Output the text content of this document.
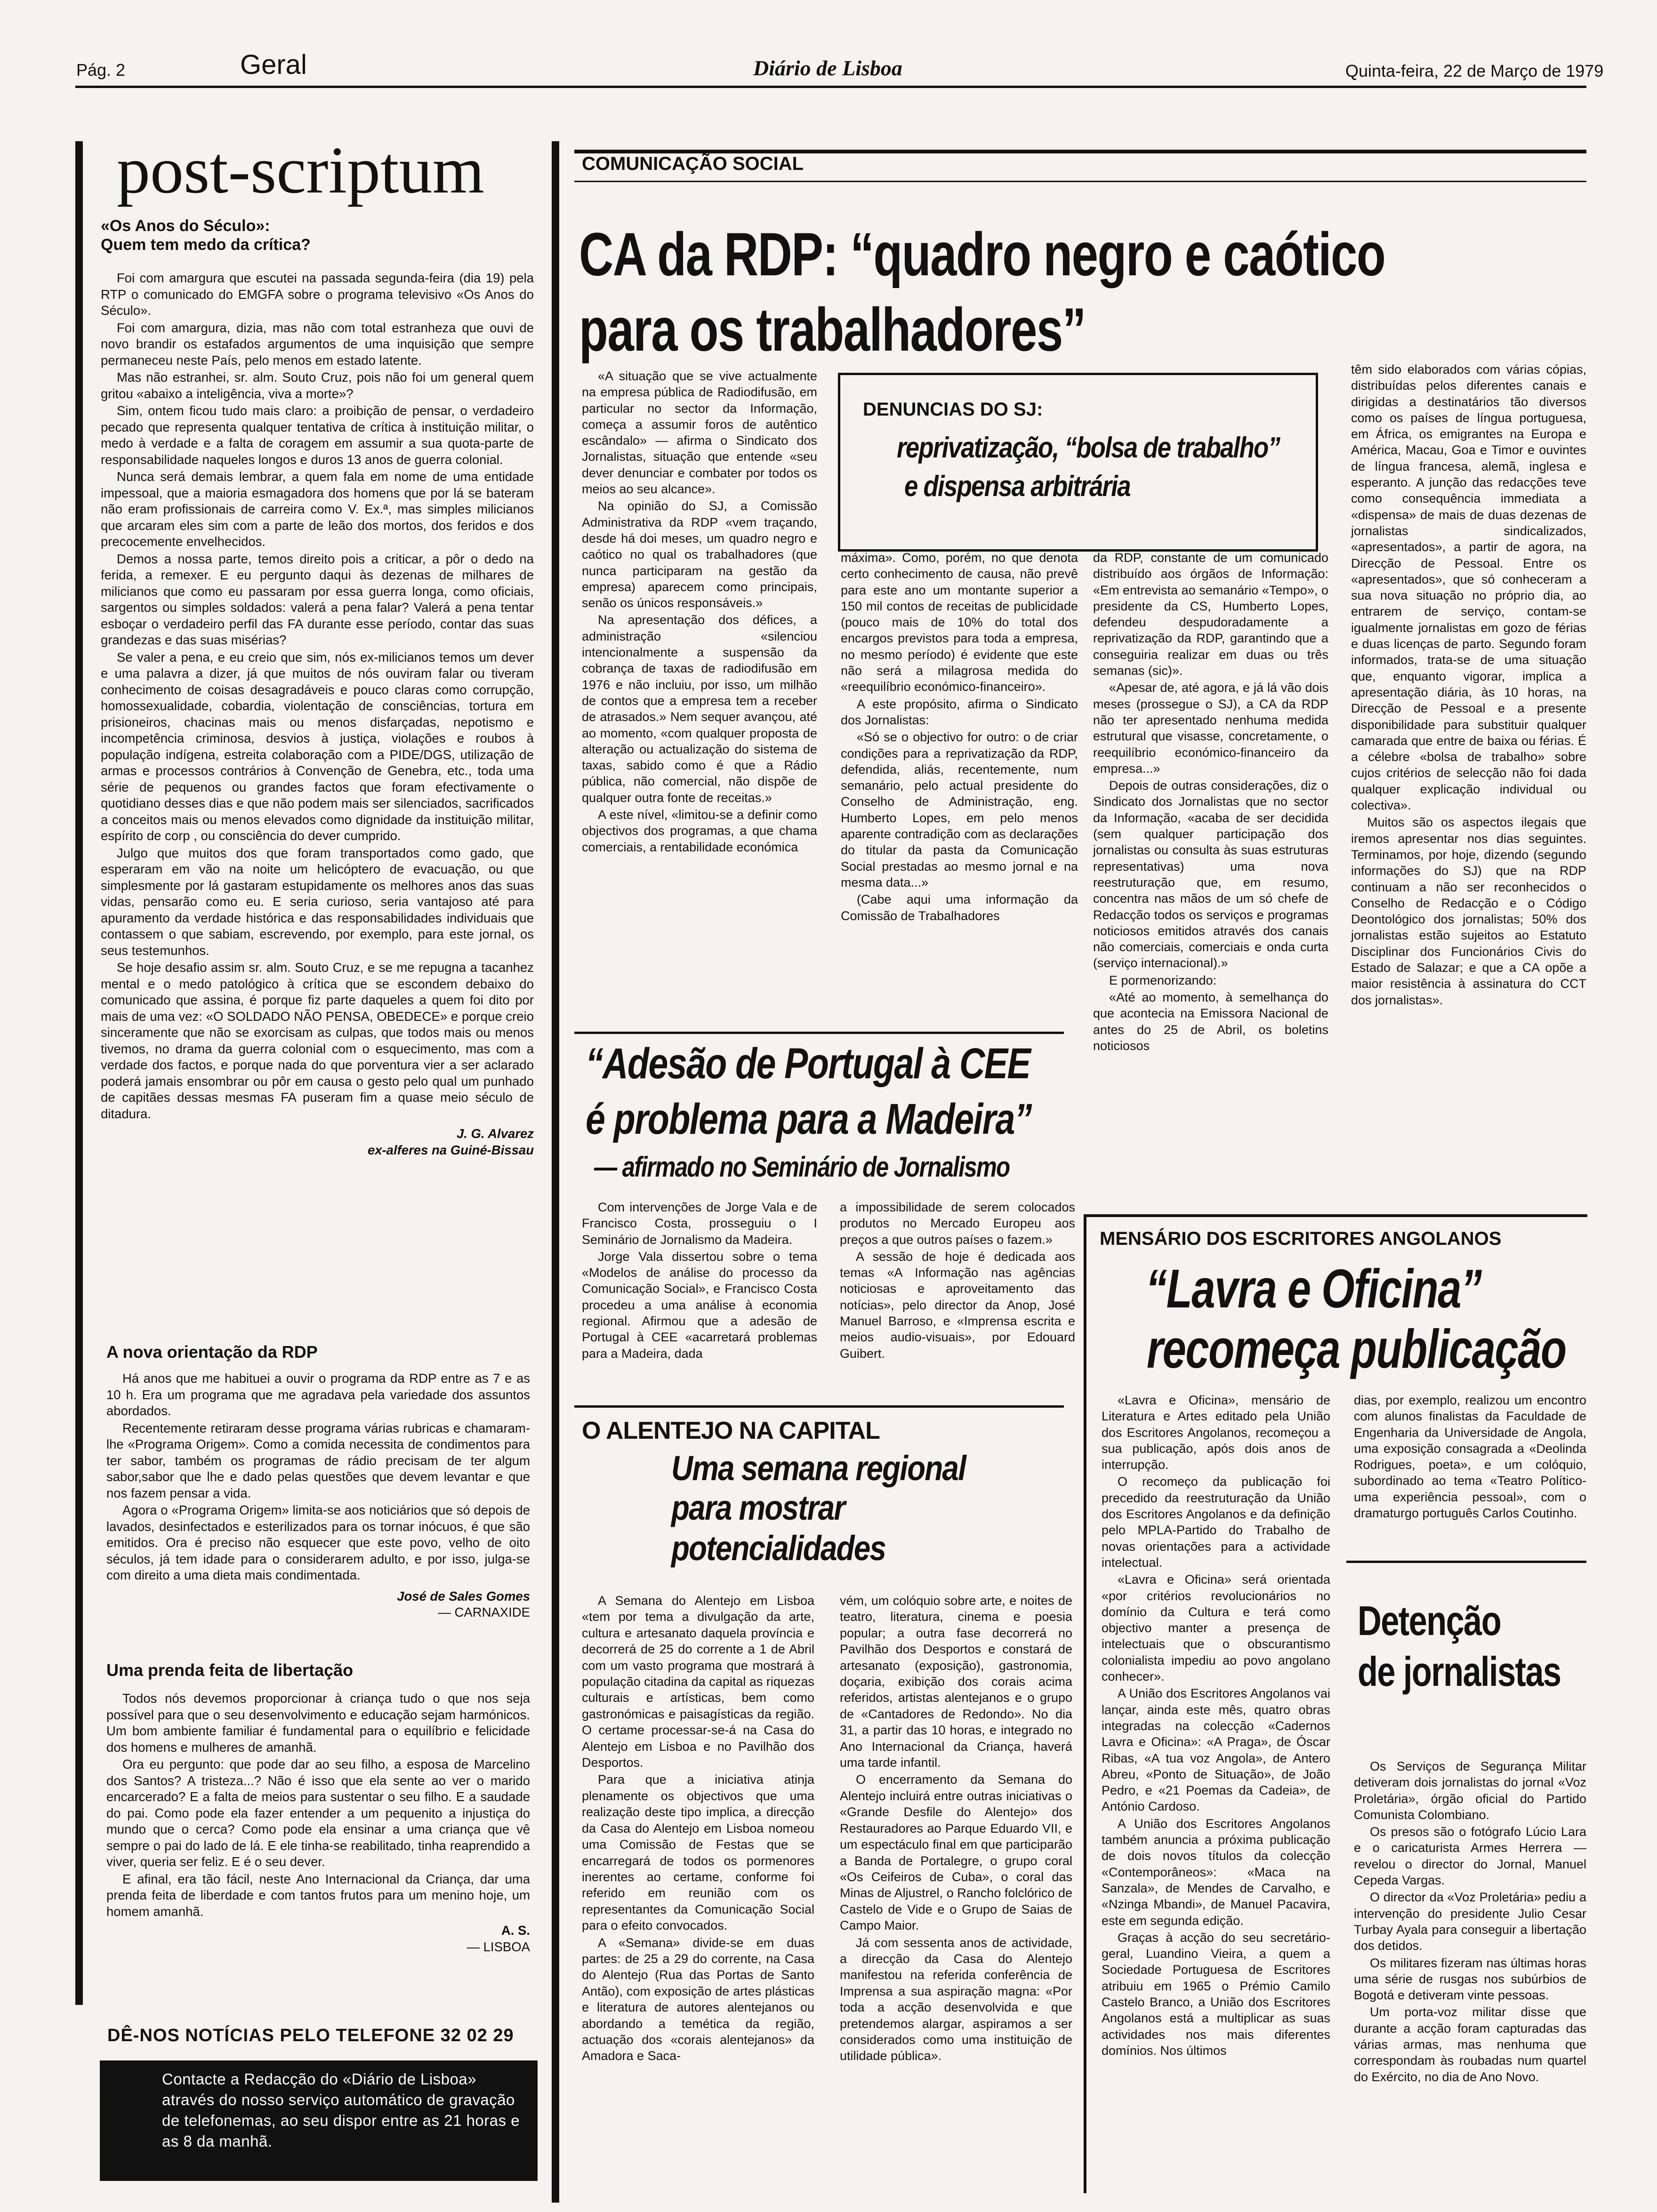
Pág. 2	Geral	Diário de Lisboa	Quinta-feira, 22 de Março de 1979
post-scriptum
«Os Anos do Século»:
Quem tem medo da crítica?

Foi com amargura que escutei na passada segunda-feira (dia 19) pela RTP o comunicado do EMGFA sobre o programa televisivo «Os Anos do Século».

Foi com amargura, dizia, mas não com total estranheza que ouvi de novo brandir os estafados argumentos de uma inquisição que sempre permaneceu neste País, pelo menos em estado latente.

Mas não estranhei, sr. alm. Souto Cruz, pois não foi um general quem gritou «abaixo a inteligência, viva a morte»?

Sim, ontem ficou tudo mais claro: a proibição de pensar, o verdadeiro pecado que representa qualquer tentativa de crítica à instituição militar, o medo à verdade e a falta de coragem em assumir a sua quota-parte de responsabilidade naqueles longos e duros 13 anos de guerra colonial.

Nunca será demais lembrar, a quem fala em nome de uma entidade impessoal, que a maioria esmagadora dos homens que por lá se bateram não eram profissionais de carreira como V. Ex.ª, mas simples milicianos que arcaram eles sim com a parte de leão dos mortos, dos feridos e dos precocemente envelhecidos.

Demos a nossa parte, temos direito pois a criticar, a pôr o dedo na ferida, a remexer. E eu pergunto daqui às dezenas de milhares de milicianos que como eu passaram por essa guerra longa, como oficiais, sargentos ou simples soldados: valerá a pena falar? Valerá a pena tentar esboçar o verdadeiro perfil das FA durante esse período, contar das suas grandezas e das suas misérias?

Se valer a pena, e eu creio que sim, nós ex-milicianos temos um dever e uma palavra a dizer, já que muitos de nós ouviram falar ou tiveram conhecimento de coisas desagradáveis e pouco claras como corrupção, homossexualidade, cobardia, violentação de consciências, tortura em prisioneiros, chacinas mais ou menos disfarçadas, nepotismo e incompetência criminosa, desvios à justiça, violações e roubos à população indígena, estreita colaboração com a PIDE/DGS, utilização de armas e processos contrários à Convenção de Genebra, etc., toda uma série de pequenos ou grandes factos que foram efectivamente o quotidiano desses dias e que não podem mais ser silenciados, sacrificados a conceitos mais ou menos elevados como dignidade da instituição militar, espírito de corp , ou consciência do dever cumprido.

Julgo que muitos dos que foram transportados como gado, que esperaram em vão na noite um helicóptero de evacuação, ou que simplesmente por lá gastaram estupidamente os melhores anos das suas vidas, pensarão como eu. E seria curioso, seria vantajoso até para apuramento da verdade histórica e das responsabilidades individuais que contassem o que sabiam, escrevendo, por exemplo, para este jornal, os seus testemunhos.

Se hoje desafio assim sr. alm. Souto Cruz, e se me repugna a tacanhez mental e o medo patológico à crítica que se escondem debaixo do comunicado que assina, é porque fiz parte daqueles a quem foi dito por mais de uma vez: «O SOLDADO NÃO PENSA, OBEDECE» e porque creio sinceramente que não se exorcisam as culpas, que todos mais ou menos tivemos, no drama da guerra colonial com o esquecimento, mas com a verdade dos factos, e porque nada do que porventura vier a ser aclarado poderá jamais ensombrar ou pôr em causa o gesto pelo qual um punhado de capitães dessas mesmas FA puseram fim a quase meio século de ditadura.

J. G. Alvarez
ex-alferes na Guiné-Bissau
A nova orientação da RDP

Há anos que me habituei a ouvir o programa da RDP entre as 7 e as 10 h. Era um programa que me agradava pela variedade dos assuntos abordados.

Recentemente retiraram desse programa várias rubricas e chamaram-lhe «Programa Origem». Como a comida necessita de condimentos para ter sabor, também os programas de rádio precisam de ter algum sabor,sabor que lhe e dado pelas questões que devem levantar e que nos fazem pensar a vida.

Agora o «Programa Origem» limita-se aos noticiários que só depois de lavados, desinfectados e esterilizados para os tornar inócuos, é que são emitidos. Ora é preciso não esquecer que este povo, velho de oito séculos, já tem idade para o considerarem adulto, e por isso, julga-se com direito a uma dieta mais condimentada.

José de Sales Gomes
— CARNAXIDE
Uma prenda feita de libertação

Todos nós devemos proporcionar à criança tudo o que nos seja possível para que o seu desenvolvimento e educação sejam harmónicos. Um bom ambiente familiar é fundamental para o equilíbrio e felicidade dos homens e mulheres de amanhã.

Ora eu pergunto: que pode dar ao seu filho, a esposa de Marcelino dos Santos? A tristeza...? Não é isso que ela sente ao ver o marido encarcerado? E a falta de meios para sustentar o seu filho. E a saudade do pai. Como pode ela fazer entender a um pequenito a injustiça do mundo que o cerca? Como pode ela ensinar a uma criança que vê sempre o pai do lado de lá. E ele tinha-se reabilitado, tinha reaprendido a viver, queria ser feliz. E é o seu dever.

E afinal, era tão fácil, neste Ano Internacional da Criança, dar uma prenda feita de liberdade e com tantos frutos para um menino hoje, um homem amanhã.

A. S.
— LISBOA
DÊ-NOS NOTÍCIAS PELO TELEFONE 32 02 29
Contacte a Redacção do «Diário de Lisboa» através do nosso serviço automático de gravação de telefonemas, ao seu dispor entre as 21 horas e as 8 da manhã.
COMUNICAÇÃO SOCIAL
CA da RDP: “quadro negro e caótico
para os trabalhadores”
DENUNCIAS DO SJ:
reprivatização, “bolsa de trabalho”
e dispensa arbitrária

«A situação que se vive actualmente na empresa pública de Radiodifusão, em particular no sector da Informação, começa a assumir foros de autêntico escândalo» — afirma o Sindicato dos Jornalistas, situação que entende «seu dever denunciar e combater por todos os meios ao seu alcance».

Na opinião do SJ, a Comissão Administrativa da RDP «vem traçando, desde há doi meses, um quadro negro e caótico no qual os trabalhadores (que nunca participaram na gestão da empresa) aparecem como principais, senão os únicos responsáveis.»

Na apresentação dos défices, a administração «silenciou intencionalmente a suspensão da cobrança de taxas de radiodifusão em 1976 e não incluiu, por isso, um milhão de contos que a empresa tem a receber de atrasados.» Nem sequer avançou, até ao momento, «com qualquer proposta de alteração ou actualização do sistema de taxas, sabido como é que a Rádio pública, não comercial, não dispõe de qualquer outra fonte de receitas.»

A este nível, «limitou-se a definir como objectivos dos programas, a que chama comerciais, a rentabilidade económica

máxima». Como, porém, no que denota certo conhecimento de causa, não prevê para este ano um montante superior a 150 mil contos de receitas de publicidade (pouco mais de 10% do total dos encargos previstos para toda a empresa, no mesmo período) é evidente que este não será a milagrosa medida do «reequilíbrio económico-financeiro».

A este propósito, afirma o Sindicato dos Jornalistas:

«Só se o objectivo for outro: o de criar condições para a reprivatização da RDP, defendida, aliás, recentemente, num semanário, pelo actual presidente do Conselho de Administração, eng. Humberto Lopes, em pelo menos aparente contradição com as declarações do titular da pasta da Comunicação Social prestadas ao mesmo jornal e na mesma data...»

(Cabe aqui uma informação da Comissão de Trabalhadores

da RDP, constante de um comunicado distribuído aos órgãos de Informação: «Em entrevista ao semanário «Tempo», o presidente da CS, Humberto Lopes, defendeu despudoradamente a reprivatização da RDP, garantindo que a conseguiria realizar em duas ou três semanas (sic)».

«Apesar de, até agora, e já lá vão dois meses (prossegue o SJ), a CA da RDP não ter apresentado nenhuma medida estrutural que visasse, concretamente, o reequilíbrio económico-financeiro da empresa...»

Depois de outras considerações, diz o Sindicato dos Jornalistas que no sector da Informação, «acaba de ser decidida (sem qualquer participação dos jornalistas ou consulta às suas estruturas representativas) uma nova reestruturação que, em resumo, concentra nas mãos de um só chefe de Redacção todos os serviços e programas noticiosos emitidos através dos canais não comerciais, comerciais e onda curta (serviço internacional).»

E pormenorizando:

«Até ao momento, à semelhança do que acontecia na Emissora Nacional de antes do 25 de Abril, os boletins noticiosos

têm sido elaborados com várias cópias, distribuídas pelos diferentes canais e dirigidas a destinatários tão diversos como os países de língua portuguesa, em África, os emigrantes na Europa e América, Macau, Goa e Timor e ouvintes de língua francesa, alemã, inglesa e esperanto. A junção das redacções teve como consequência immediata a «dispensa» de mais de duas dezenas de jornalistas sindicalizados, «apresentados», a partir de agora, na Direcção de Pessoal. Entre os «apresentados», que só conheceram a sua nova situação no próprio dia, ao entrarem de serviço, contam-se igualmente jornalistas em gozo de férias e duas licenças de parto. Segundo foram informados, trata-se de uma situação que, enquanto vigorar, implica a apresentação diária, às 10 horas, na Direcção de Pessoal e a presente disponibilidade para substituir qualquer camarada que entre de baixa ou férias. É a célebre «bolsa de trabalho» sobre cujos critérios de selecção não foi dada qualquer explicação individual ou colectiva».

Muitos são os aspectos ilegais que iremos apresentar nos dias seguintes. Terminamos, por hoje, dizendo (segundo informações do SJ) que na RDP continuam a não ser reconhecidos o Conselho de Redacção e o Código Deontológico dos jornalistas; 50% dos jornalistas estão sujeitos ao Estatuto Disciplinar dos Funcionários Civis do Estado de Salazar; e que a CA opõe a maior resistência à assinatura do CCT dos jornalistas».

“Adesão de Portugal à CEE
é problema para a Madeira”
— afirmado no Seminário de Jornalismo

Com intervenções de Jorge Vala e de Francisco Costa, prosseguiu o I Seminário de Jornalismo da Madeira.

Jorge Vala dissertou sobre o tema «Modelos de análise do processo da Comunicação Social», e Francisco Costa procedeu a uma análise à economia regional. Afirmou que a adesão de Portugal à CEE «acarretará problemas para a Madeira, dada

a impossibilidade de serem colocados produtos no Mercado Europeu aos preços a que outros países o fazem.»

A sessão de hoje é dedicada aos temas «A Informação nas agências noticiosas e aproveitamento das notícias», pelo director da Anop, José Manuel Barroso, e «Imprensa escrita e meios audio-visuais», por Edouard Guibert.

O ALENTEJO NA CAPITAL
Uma semana regional
para mostrar
potencialidades

A Semana do Alentejo em Lisboa «tem por tema a divulgação da arte, cultura e artesanato daquela província e decorrerá de 25 do corrente a 1 de Abril com um vasto programa que mostrará à população citadina da capital as riquezas culturais e artísticas, bem como gastronómicas e paisagísticas da região. O certame processar-se-á na Casa do Alentejo em Lisboa e no Pavilhão dos Desportos.

Para que a iniciativa atinja plenamente os objectivos que uma realização deste tipo implica, a direcção da Casa do Alentejo em Lisboa nomeou uma Comissão de Festas que se encarregará de todos os pormenores inerentes ao certame, conforme foi referido em reunião com os representantes da Comunicação Social para o efeito convocados.

A «Semana» divide-se em duas partes: de 25 a 29 do corrente, na Casa do Alentejo (Rua das Portas de Santo Antão), com exposição de artes plásticas e literatura de autores alentejanos ou abordando a temética da região, actuação dos «corais alentejanos» da Amadora e Saca-

vém, um colóquio sobre arte, e noites de teatro, literatura, cinema e poesia popular; a outra fase decorrerá no Pavilhão dos Desportos e constará de artesanato (exposição), gastronomia, doçaria, exibição dos corais acima referidos, artistas alentejanos e o grupo de «Cantadores de Redondo». No dia 31, a partir das 10 horas, e integrado no Ano Internacional da Criança, haverá uma tarde infantil.

O encerramento da Semana do Alentejo incluirá entre outras iniciativas o «Grande Desfile do Alentejo» dos Restauradores ao Parque Eduardo VII, e um espectáculo final em que participarão a Banda de Portalegre, o grupo coral «Os Ceifeiros de Cuba», o coral das Minas de Aljustrel, o Rancho folclórico de Castelo de Vide e o Grupo de Saias de Campo Maior.

Já com sessenta anos de actividade, a direcção da Casa do Alentejo manifestou na referida conferência de Imprensa a sua aspiração magna: «Por toda a acção desenvolvida e que pretendemos alargar, aspiramos a ser considerados como uma instituição de utilidade pública».

MENSÁRIO DOS ESCRITORES ANGOLANOS
“Lavra e Oficina”
recomeça publicação

«Lavra e Oficina», mensário de Literatura e Artes editado pela União dos Escritores Angolanos, recomeçou a sua publicação, após dois anos de interrupção.

O recomeço da publicação foi precedido da reestruturação da União dos Escritores Angolanos e da definição pelo MPLA-Partido do Trabalho de novas orientações para a actividade intelectual.

«Lavra e Oficina» será orientada «por critérios revolucionários no domínio da Cultura e terá como objectivo manter a presença de intelectuais que o obscurantismo colonialista impediu ao povo angolano conhecer».

A União dos Escritores Angolanos vai lançar, ainda este mês, quatro obras integradas na colecção «Cadernos Lavra e Oficina»: «A Praga», de Óscar Ribas, «A tua voz Angola», de Antero Abreu, «Ponto de Situação», de João Pedro, e «21 Poemas da Cadeia», de António Cardoso.

A União dos Escritores Angolanos também anuncia a próxima publicação de dois novos títulos da colecção «Contemporâneos»: «Maca na Sanzala», de Mendes de Carvalho, e «Nzinga Mbandi», de Manuel Pacavira, este em segunda edição.

Graças à acção do seu secretário-geral, Luandino Vieira, a quem a Sociedade Portuguesa de Escritores atribuiu em 1965 o Prémio Camilo Castelo Branco, a União dos Escritores Angolanos está a multiplicar as suas actividades nos mais diferentes domínios. Nos últimos

dias, por exemplo, realizou um encontro com alunos finalistas da Faculdade de Engenharia da Universidade de Angola, uma exposição consagrada a «Deolinda Rodrigues, poeta», e um colóquio, subordinado ao tema «Teatro Político-uma experiência pessoal», com o dramaturgo português Carlos Coutinho.

Detenção
de jornalistas

Os Serviços de Segurança Militar detiveram dois jornalistas do jornal «Voz Proletária», órgão oficial do Partido Comunista Colombiano.

Os presos são o fotógrafo Lúcio Lara e o caricaturista Armes Herrera — revelou o director do Jornal, Manuel Cepeda Vargas.

O director da «Voz Proletária» pediu a intervenção do presidente Julio Cesar Turbay Ayala para conseguir a libertação dos detidos.

Os militares fizeram nas últimas horas uma série de rusgas nos subúrbios de Bogotá e detiveram vinte pessoas.

Um porta-voz militar disse que durante a acção foram capturadas das várias armas, mas nenhuma que correspondam às roubadas num quartel do Exército, no dia de Ano Novo.
